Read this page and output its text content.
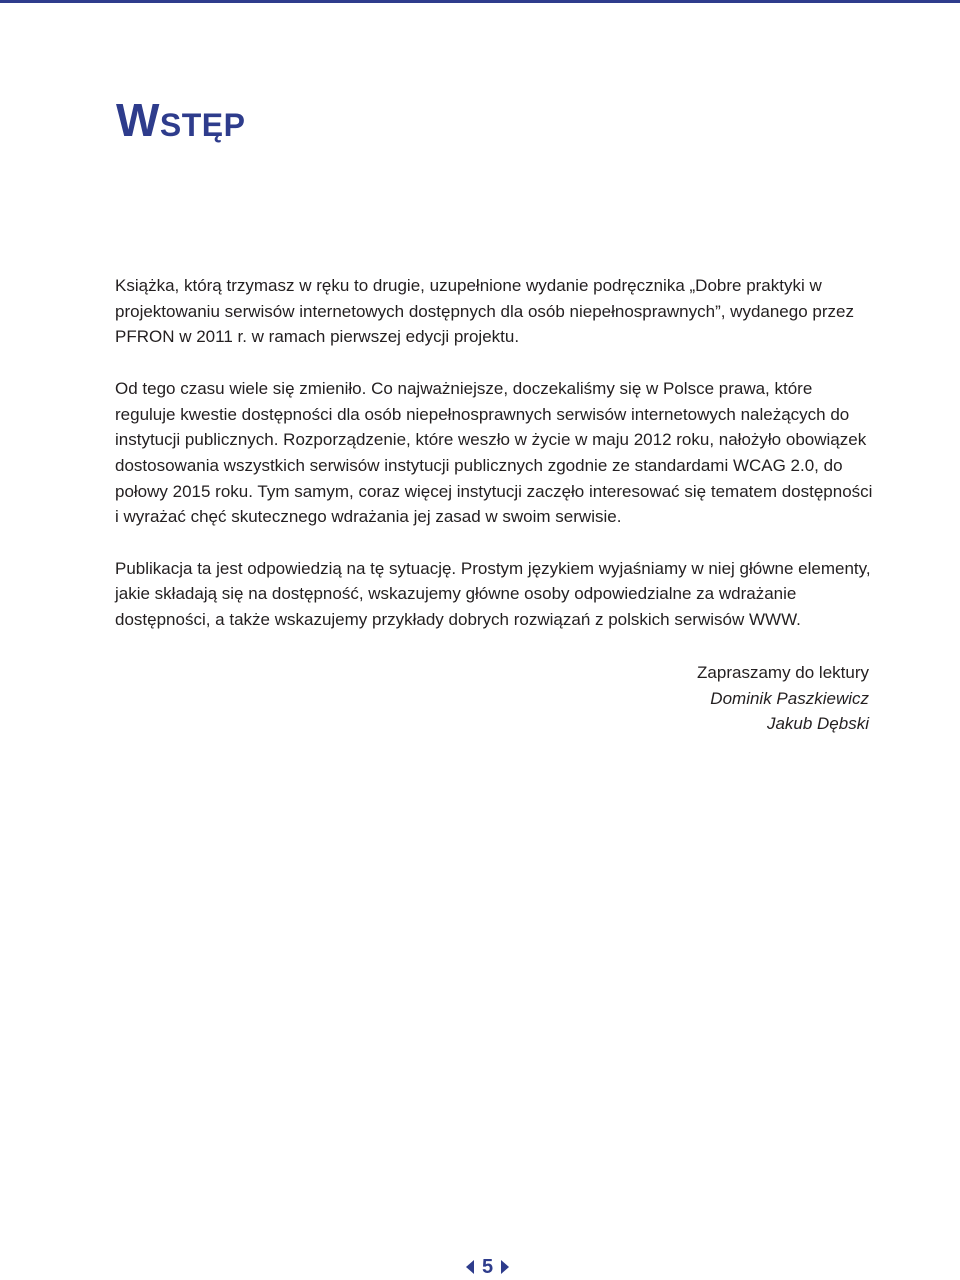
Wstęp

Książka, którą trzymasz w ręku to drugie, uzupełnione wydanie podręcznika „Dobre praktyki w projektowaniu serwisów internetowych dostępnych dla osób niepełnosprawnych”, wydanego przez PFRON w 2011 r. w ramach pierwszej edycji projektu.

Od tego czasu wiele się zmieniło. Co najważniejsze, doczekaliśmy się w Polsce prawa, które reguluje kwestie dostępności dla osób niepełnosprawnych serwisów internetowych należących do instytucji publicznych. Rozporządzenie, które weszło w życie w maju 2012 roku, nałożyło obowiązek dostosowania wszystkich serwisów instytucji publicznych zgodnie ze standardami WCAG 2.0, do połowy 2015 roku. Tym samym, coraz więcej instytucji zaczęło interesować się tematem dostępności i wyrażać chęć skutecznego wdrażania jej zasad w swoim serwisie.

Publikacja ta jest odpowiedzią na tę sytuację. Prostym językiem wyjaśniamy w niej główne elementy, jakie składają się na dostępność, wskazujemy główne osoby odpowiedzialne za wdrażanie dostępności, a także wskazujemy przykłady dobrych rozwiązań z polskich serwisów WWW.

Zapraszamy do lektury
Dominik Paszkiewicz
Jakub Dębski
5
